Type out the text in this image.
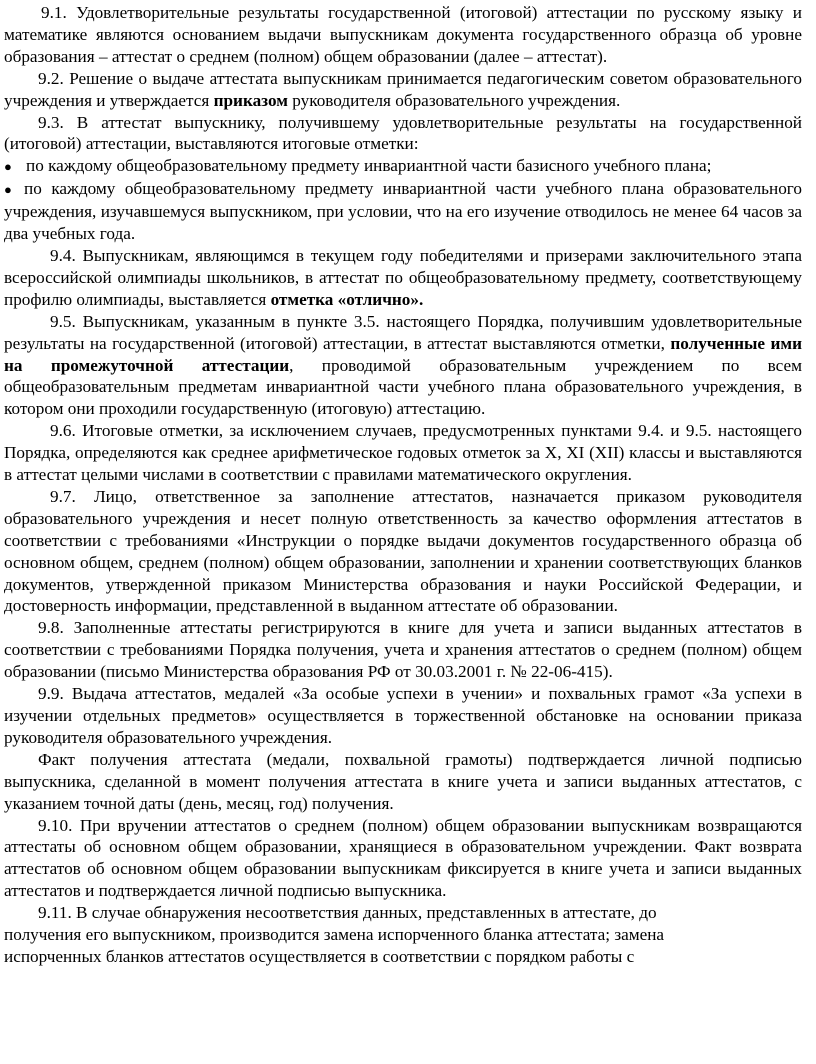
9.1. Удовлетворительные результаты государственной (итоговой) аттестации по русскому языку и математике являются основанием выдачи выпускникам документа государственного образца об уровне образования – аттестат о среднем (полном) общем образовании (далее – аттестат).

9.2. Решение о выдаче аттестата выпускникам принимается педагогическим советом образовательного учреждения и утверждается приказом руководителя образовательного учреждения.

9.3. В аттестат выпускнику, получившему удовлетворительные результаты на государственной (итоговой) аттестации, выставляются итоговые отметки:

● по каждому общеобразовательному предмету инвариантной части базисного учебного плана;
● по каждому общеобразовательному предмету инвариантной части учебного плана образовательного учреждения, изучавшемуся выпускником, при условии, что на его изучение отводилось не менее 64 часов за два учебных года.

9.4. Выпускникам, являющимся в текущем году победителями и призерами заключительного этапа всероссийской олимпиады школьников, в аттестат по общеобразовательному предмету, соответствующему профилю олимпиады, выставляется отметка «отлично».

9.5. Выпускникам, указанным в пункте 3.5. настоящего Порядка, получившим удовлетворительные результаты на государственной (итоговой) аттестации, в аттестат выставляются отметки, полученные ими на промежуточной аттестации, проводимой образовательным учреждением по всем общеобразовательным предметам инвариантной части учебного плана образовательного учреждения, в котором они проходили государственную (итоговую) аттестацию.

9.6. Итоговые отметки, за исключением случаев, предусмотренных пунктами 9.4. и 9.5. настоящего Порядка, определяются как среднее арифметическое годовых отметок за X, XI (XII) классы и выставляются в аттестат целыми числами в соответствии с правилами математического округления.

9.7. Лицо, ответственное за заполнение аттестатов, назначается приказом руководителя образовательного учреждения и несет полную ответственность за качество оформления аттестатов в соответствии с требованиями «Инструкции о порядке выдачи документов государственного образца об основном общем, среднем (полном) общем образовании, заполнении и хранении соответствующих бланков документов, утвержденной приказом Министерства образования и науки Российской Федерации, и достоверность информации, представленной в выданном аттестате об образовании.

9.8. Заполненные аттестаты регистрируются в книге для учета и записи выданных аттестатов в соответствии с требованиями Порядка получения, учета и хранения аттестатов о среднем (полном) общем образовании (письмо Министерства образования РФ от 30.03.2001 г. № 22-06-415).

9.9. Выдача аттестатов, медалей «За особые успехи в учении» и похвальных грамот «За успехи в изучении отдельных предметов» осуществляется в торжественной обстановке на основании приказа руководителя образовательного учреждения.

Факт получения аттестата (медали, похвальной грамоты) подтверждается личной подписью выпускника, сделанной в момент получения аттестата в книге учета и записи выданных аттестатов, с указанием точной даты (день, месяц, год) получения.

9.10. При вручении аттестатов о среднем (полном) общем образовании выпускникам возвращаются аттестаты об основном общем образовании, хранящиеся в образовательном учреждении. Факт возврата аттестатов об основном общем образовании выпускникам фиксируется в книге учета и записи выданных аттестатов и подтверждается личной подписью выпускника.

9.11. В случае обнаружения несоответствия данных, представленных в аттестате, до
получения его выпускником, производится замена испорченного бланка аттестата; замена
испорченных бланков аттестатов осуществляется в соответствии с порядком работы с
